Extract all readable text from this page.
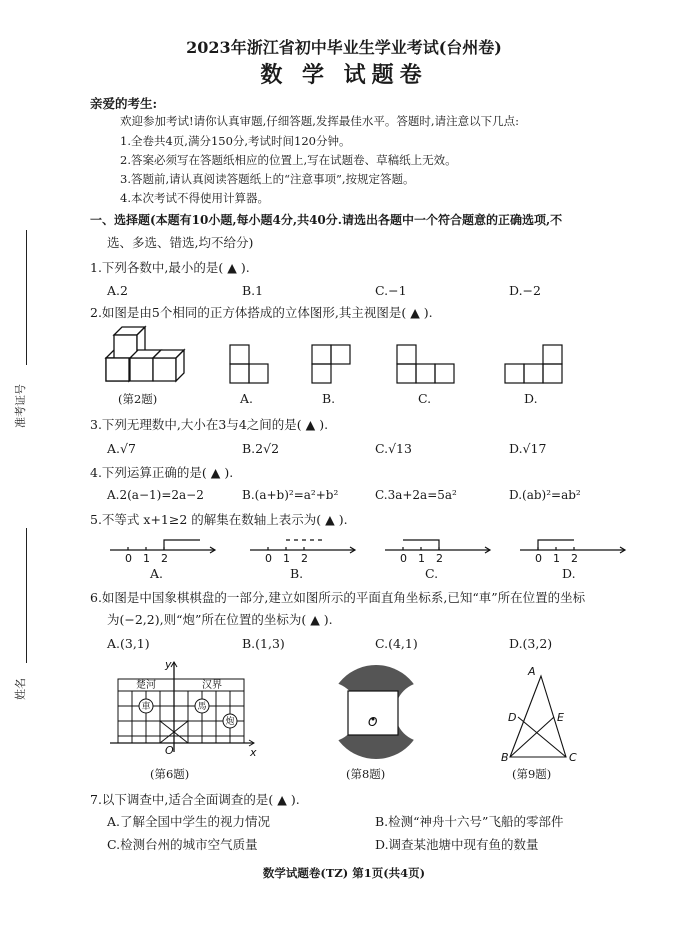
准考证号
姓名
2023年浙江省初中毕业生学业考试(台州卷)
数 学 试题卷
亲爱的考生:
欢迎参加考试!请你认真审题,仔细答题,发挥最佳水平。答题时,请注意以下几点:
1.全卷共4页,满分150分,考试时间120分钟。
2.答案必须写在答题纸相应的位置上,写在试题卷、草稿纸上无效。
3.答题前,请认真阅读答题纸上的“注意事项”,按规定答题。
4.本次考试不得使用计算器。
一、选择题(本题有10小题,每小题4分,共40分.请选出各题中一个符合题意的正确选项,不
选、多选、错选,均不给分)
1.下列各数中,最小的是( ▲ ).
A.2	B.1	C.−1	D.−2
2.如图是由5个相同的正方体搭成的立体图形,其主视图是( ▲ ).
(第2题)	A.	B.	C.	D.
3.下列无理数中,大小在3与4之间的是( ▲ ).
A.√7	B.2√2	C.√13	D.√17
4.下列运算正确的是( ▲ ).
A.2(a−1)=2a−2	B.(a+b)²=a²+b²	C.3a+2a=5a²	D.(ab)²=ab²
5.不等式 x+1≥2 的解集在数轴上表示为( ▲ ).
0 1 2	0 1 2	0 1 2	0 1 2
A.	B.	C.	D.
6.如图是中国象棋棋盘的一部分,建立如图所示的平面直角坐标系,已知“車”所在位置的坐标
为(−2,2),则“炮”所在位置的坐标为( ▲ ).
A.(3,1)	B.(1,3)	C.(4,1)	D.(3,2)
車	馬
炮
楚河	汉界
y
x
O
(第6题)
O
(第8题)
A
B	C
D	E
(第9题)
7.以下调查中,适合全面调查的是( ▲ ).
A.了解全国中学生的视力情况	B.检测“神舟十六号”飞船的零部件
C.检测台州的城市空气质量	D.调查某池塘中现有鱼的数量
数学试题卷(TZ) 第1页(共4页)
